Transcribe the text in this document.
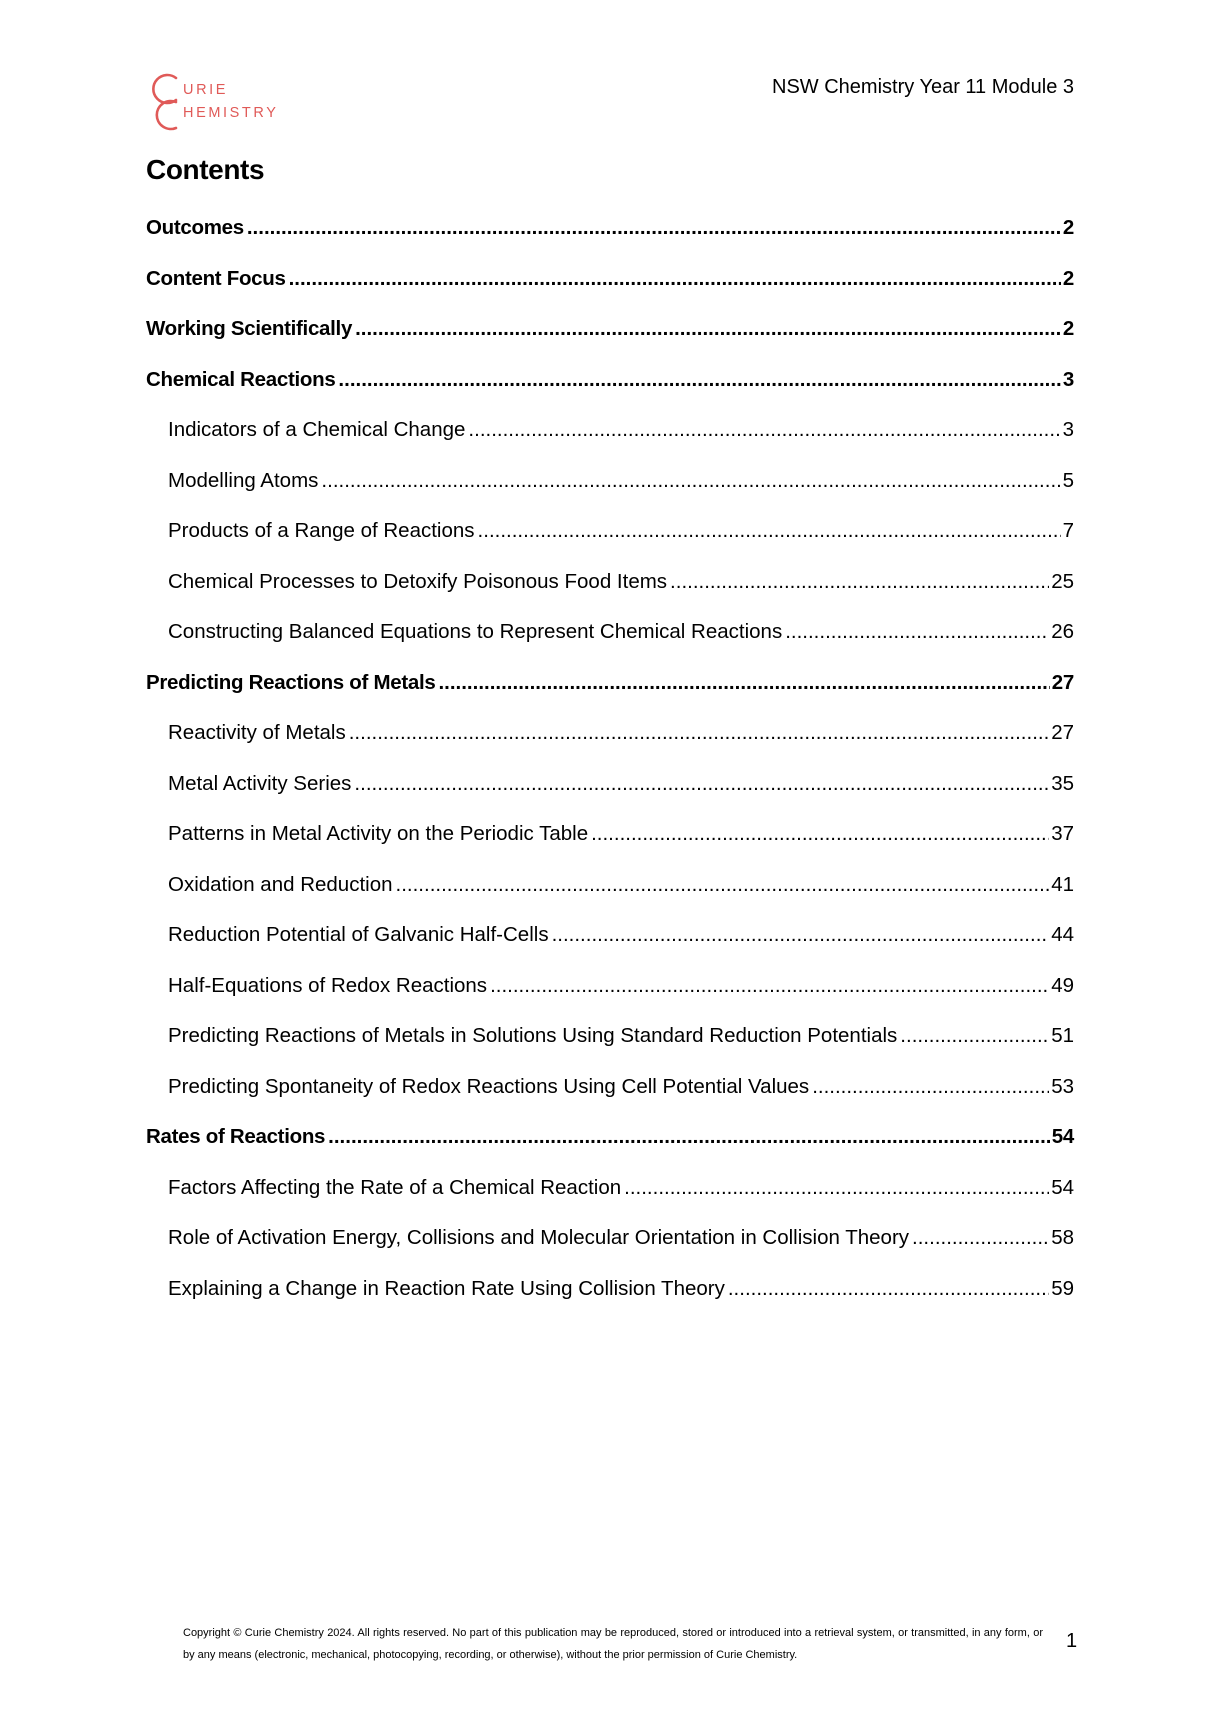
URIE
HEMISTRY
NSW Chemistry Year 11 Module 3
Contents
Outcomes .....	2
Content Focus .....	2
Working Scientifically .....	2
Chemical Reactions .....	3
Indicators of a Chemical Change .....	3
Modelling Atoms .....	5
Products of a Range of Reactions .....	7
Chemical Processes to Detoxify Poisonous Food Items .....	25
Constructing Balanced Equations to Represent Chemical Reactions .....	26
Predicting Reactions of Metals .....	27
Reactivity of Metals .....	27
Metal Activity Series .....	35
Patterns in Metal Activity on the Periodic Table .....	37
Oxidation and Reduction .....	41
Reduction Potential of Galvanic Half-Cells .....	44
Half-Equations of Redox Reactions .....	49
Predicting Reactions of Metals in Solutions Using Standard Reduction Potentials .....	51
Predicting Spontaneity of Redox Reactions Using Cell Potential Values .....	53
Rates of Reactions .....	54
Factors Affecting the Rate of a Chemical Reaction .....	54
Role of Activation Energy, Collisions and Molecular Orientation in Collision Theory .....	58
Explaining a Change in Reaction Rate Using Collision Theory .....	59
Copyright © Curie Chemistry 2024. All rights reserved. No part of this publication may be reproduced, stored or introduced into a retrieval system, or transmitted, in any form, or by any means (electronic, mechanical, photocopying, recording, or otherwise), without the prior permission of Curie Chemistry.
1
